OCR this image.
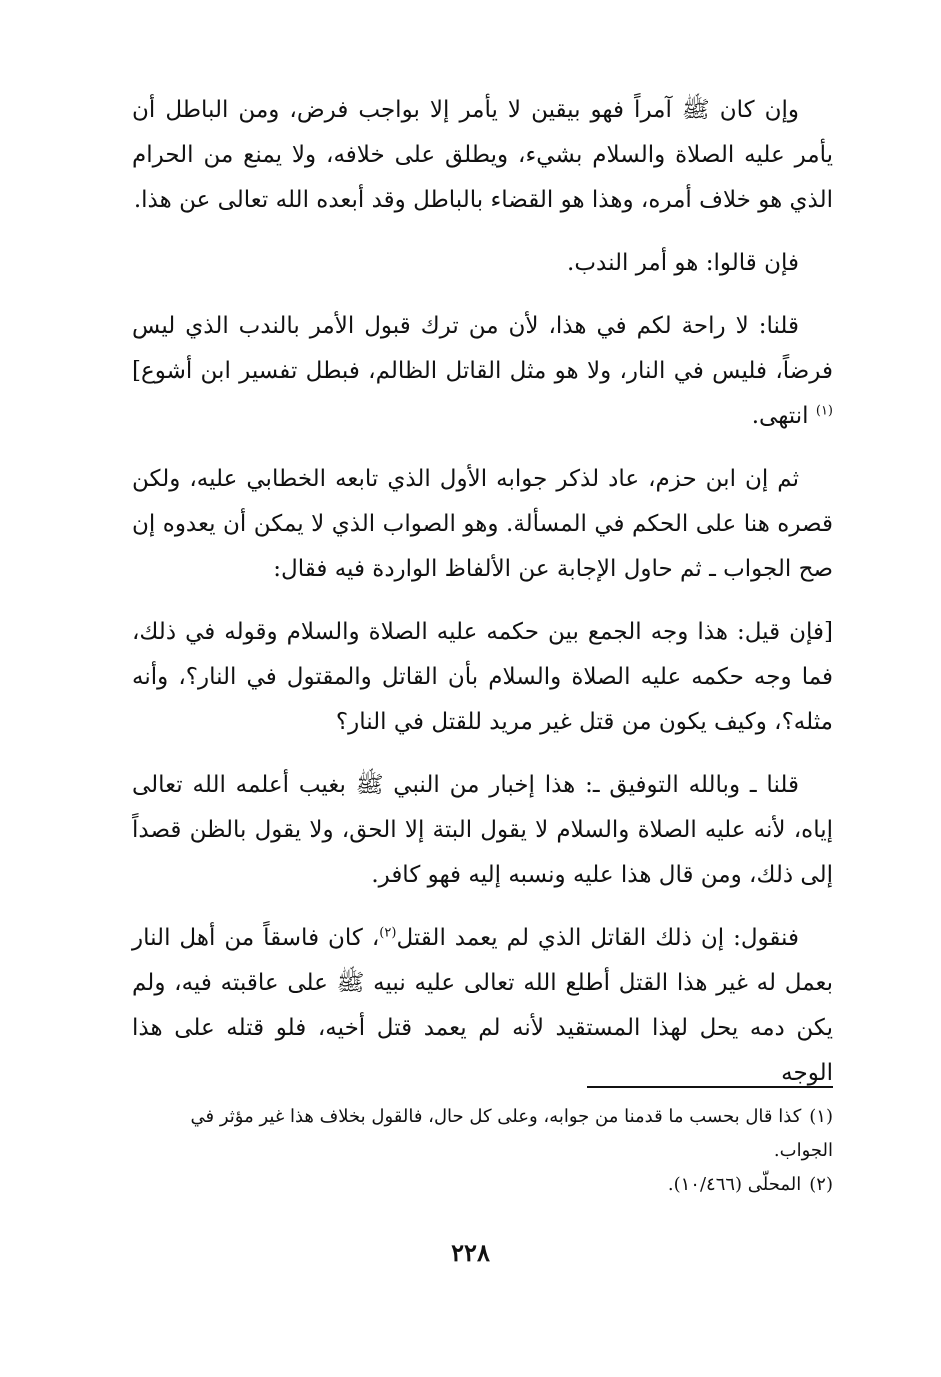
وإن كان ﷺ آمراً فهو بيقين لا يأمر إلا بواجب فرض، ومن الباطل أن يأمر عليه الصلاة والسلام بشيء، ويطلق على خلافه، ولا يمنع من الحرام الذي هو خلاف أمره، وهذا هو القضاء بالباطل وقد أبعده الله تعالى عن هذا.

فإن قالوا: هو أمر الندب.

قلنا: لا راحة لكم في هذا، لأن من ترك قبول الأمر بالندب الذي ليس فرضاً، فليس في النار، ولا هو مثل القاتل الظالم، فبطل تفسير ابن أشوع]$^{(١)}$ انتهى.

ثم إن ابن حزم، عاد لذكر جوابه الأول الذي تابعه الخطابي عليه، ولكن قصره هنا على الحكم في المسألة. وهو الصواب الذي لا يمكن أن يعدوه إن صح الجواب ـ ثم حاول الإجابة عن الألفاظ الواردة فيه فقال:

[فإن قيل: هذا وجه الجمع بين حكمه عليه الصلاة والسلام وقوله في ذلك، فما وجه حكمه عليه الصلاة والسلام بأن القاتل والمقتول في النار؟، وأنه مثله؟، وكيف يكون من قتل غير مريد للقتل في النار؟

قلنا ـ وبالله التوفيق ـ: هذا إخبار من النبي ﷺ بغيب أعلمه الله تعالى إياه، لأنه عليه الصلاة والسلام لا يقول البتة إلا الحق، ولا يقول بالظن قصداً إلى ذلك، ومن قال هذا عليه ونسبه إليه فهو كافر.

فنقول: إن ذلك القاتل الذي لم يعمد القتل$^{(٢)}$، كان فاسقاً من أهل النار بعمل له غير هذا القتل أطلع الله تعالى عليه نبيه ﷺ على عاقبته فيه، ولم يكن دمه يحل لهذا المستقيد لأنه لم يعمد قتل أخيه، فلو قتله على هذا الوجه

(١)كذا قال بحسب ما قدمنا من جوابه، وعلى كل حال، فالقول بخلاف هذا غير مؤثر في الجواب.

(٢)المحلّى (١٠/٤٦٦).

٢٢٨
